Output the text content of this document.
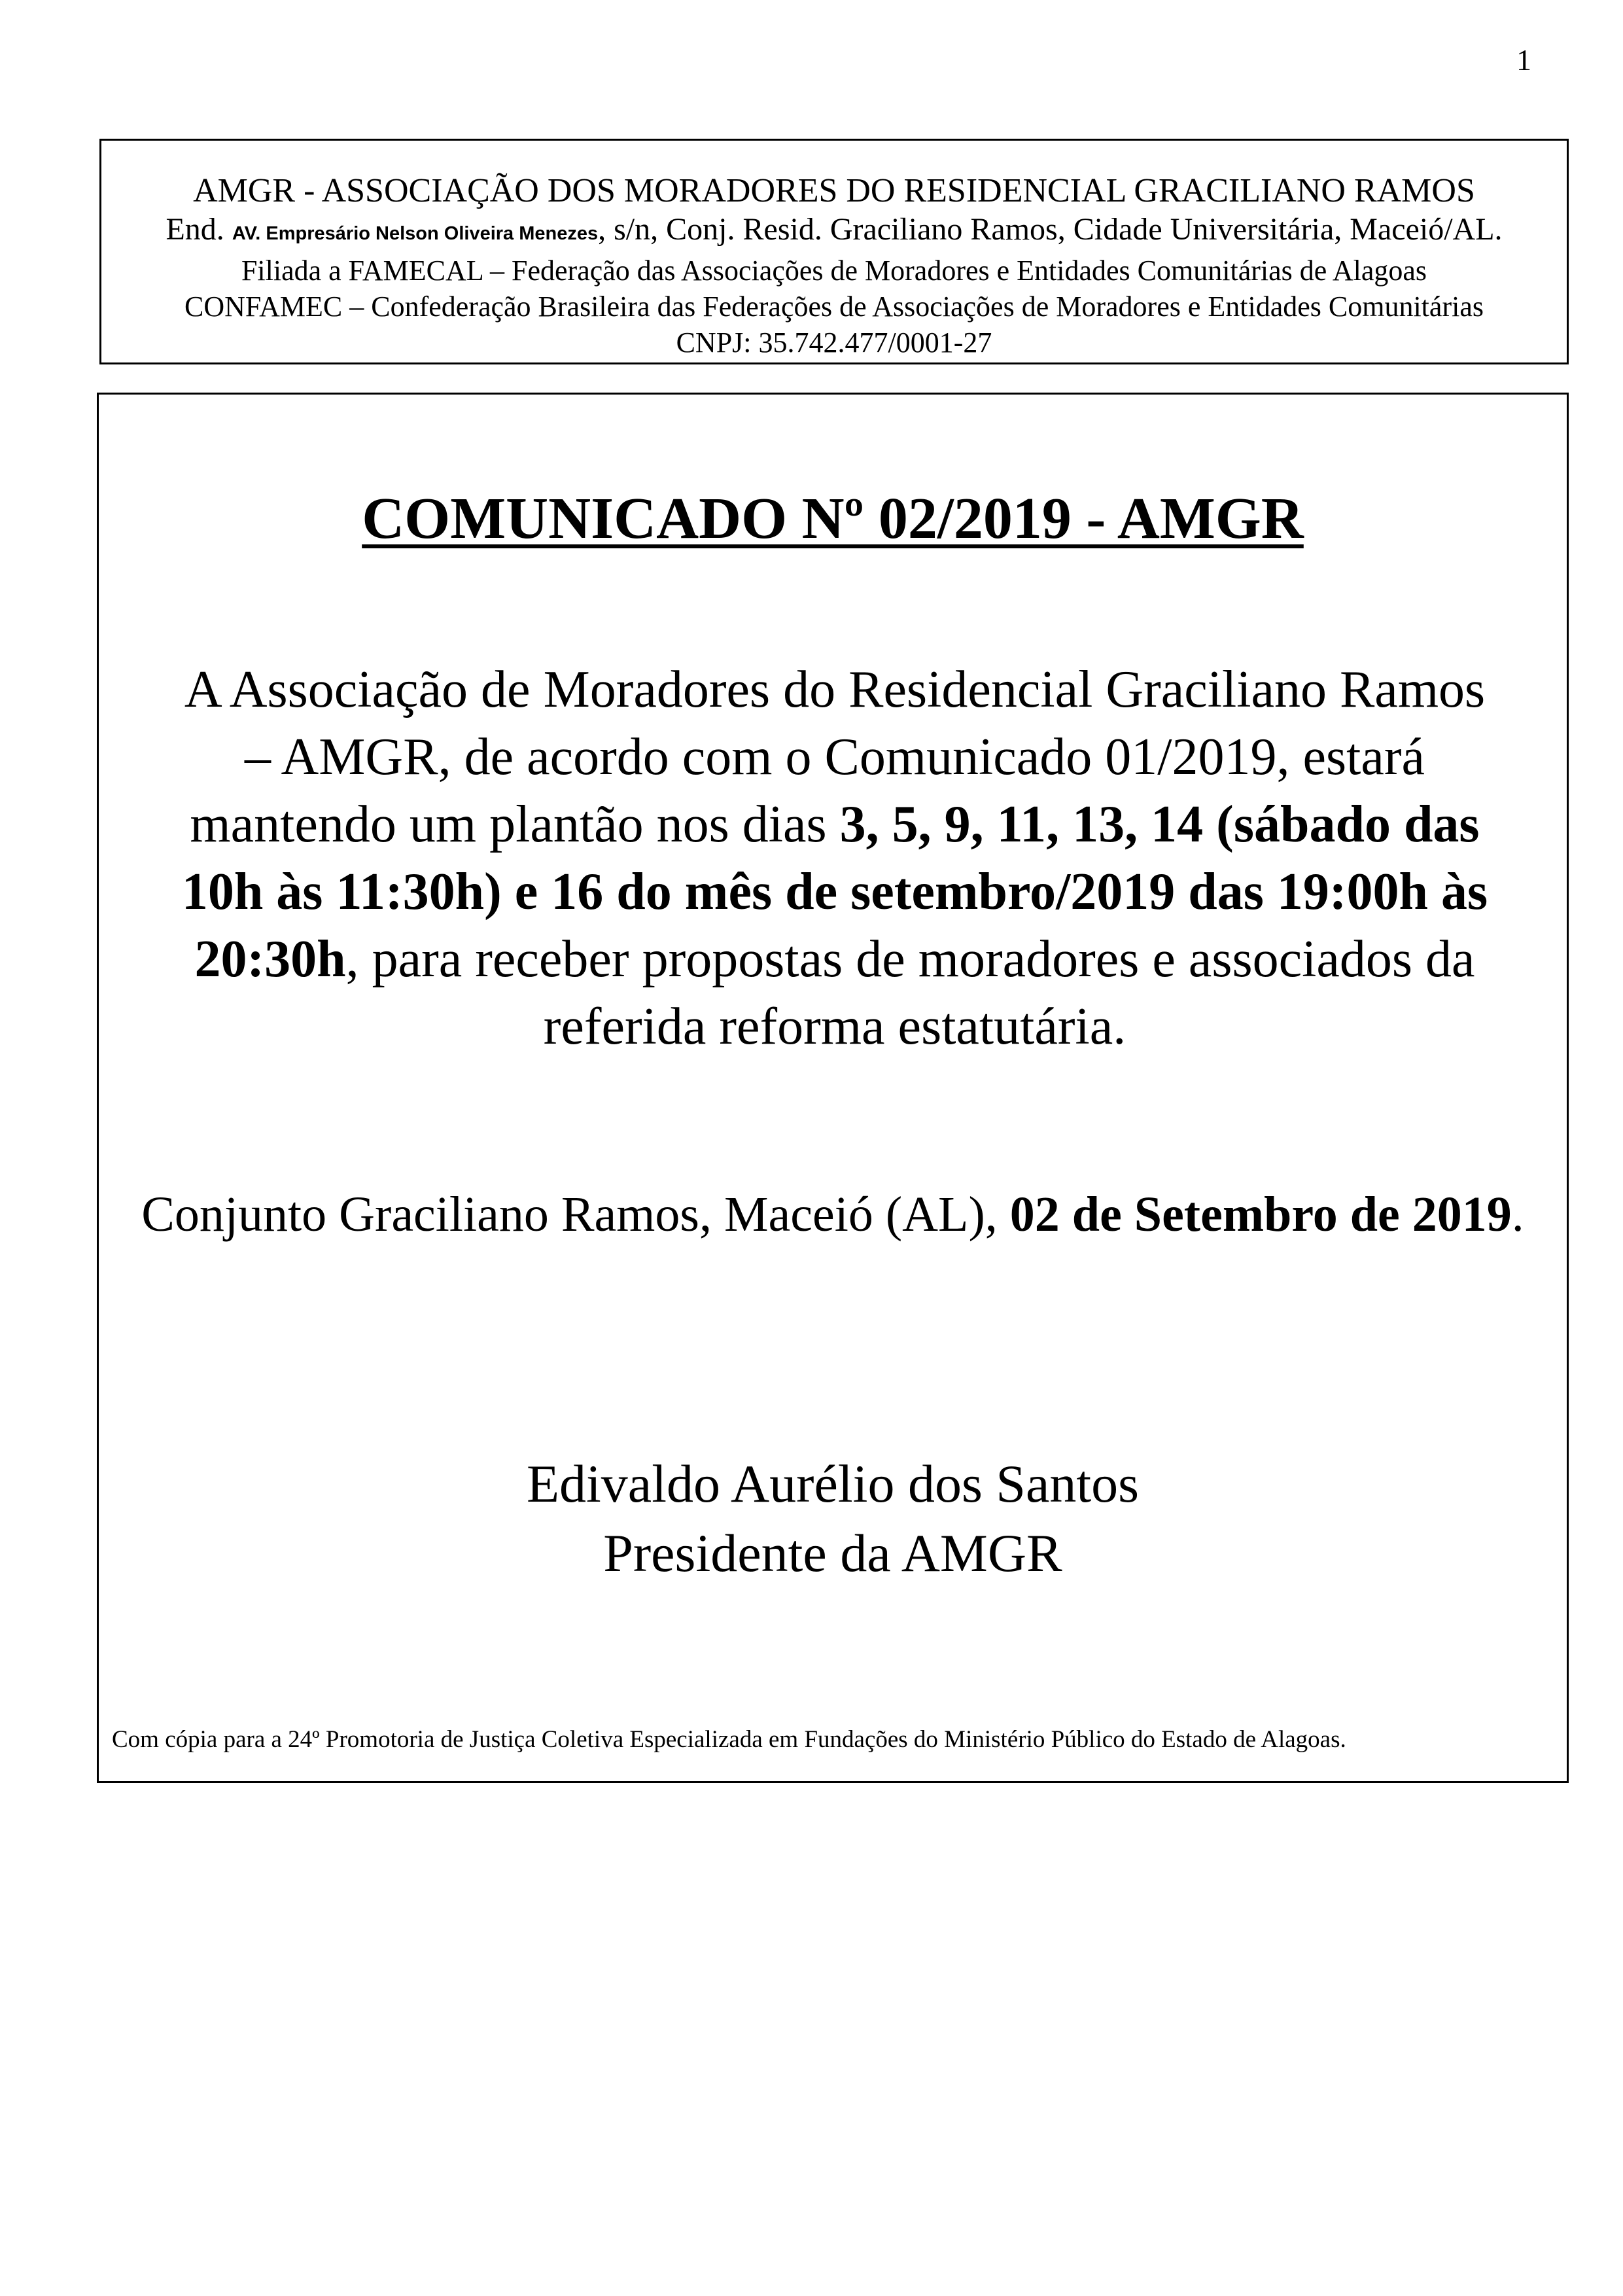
1
AMGR - ASSOCIAÇÃO DOS MORADORES DO RESIDENCIAL GRACILIANO RAMOS
End. AV. Empresário Nelson Oliveira Menezes, s/n, Conj. Resid. Graciliano Ramos, Cidade Universitária, Maceió/AL.
Filiada a FAMECAL – Federação das Associações de Moradores e Entidades Comunitárias de Alagoas
CONFAMEC – Confederação Brasileira das Federações de Associações de Moradores e Entidades Comunitárias
CNPJ: 35.742.477/0001-27
COMUNICADO Nº 02/2019 - AMGR
A Associação de Moradores do Residencial Graciliano Ramos
– AMGR, de acordo com o Comunicado 01/2019, estará
mantendo um plantão nos dias 3, 5, 9, 11, 13, 14 (sábado das
10h às 11:30h) e 16 do mês de setembro/2019 das 19:00h às
20:30h, para receber propostas de moradores e associados da
referida reforma estatutária.
Conjunto Graciliano Ramos, Maceió (AL), 02 de Setembro de 2019.
Edivaldo Aurélio dos Santos
Presidente da AMGR
Com cópia para a 24º Promotoria de Justiça Coletiva Especializada em Fundações do Ministério Público do Estado de Alagoas.
